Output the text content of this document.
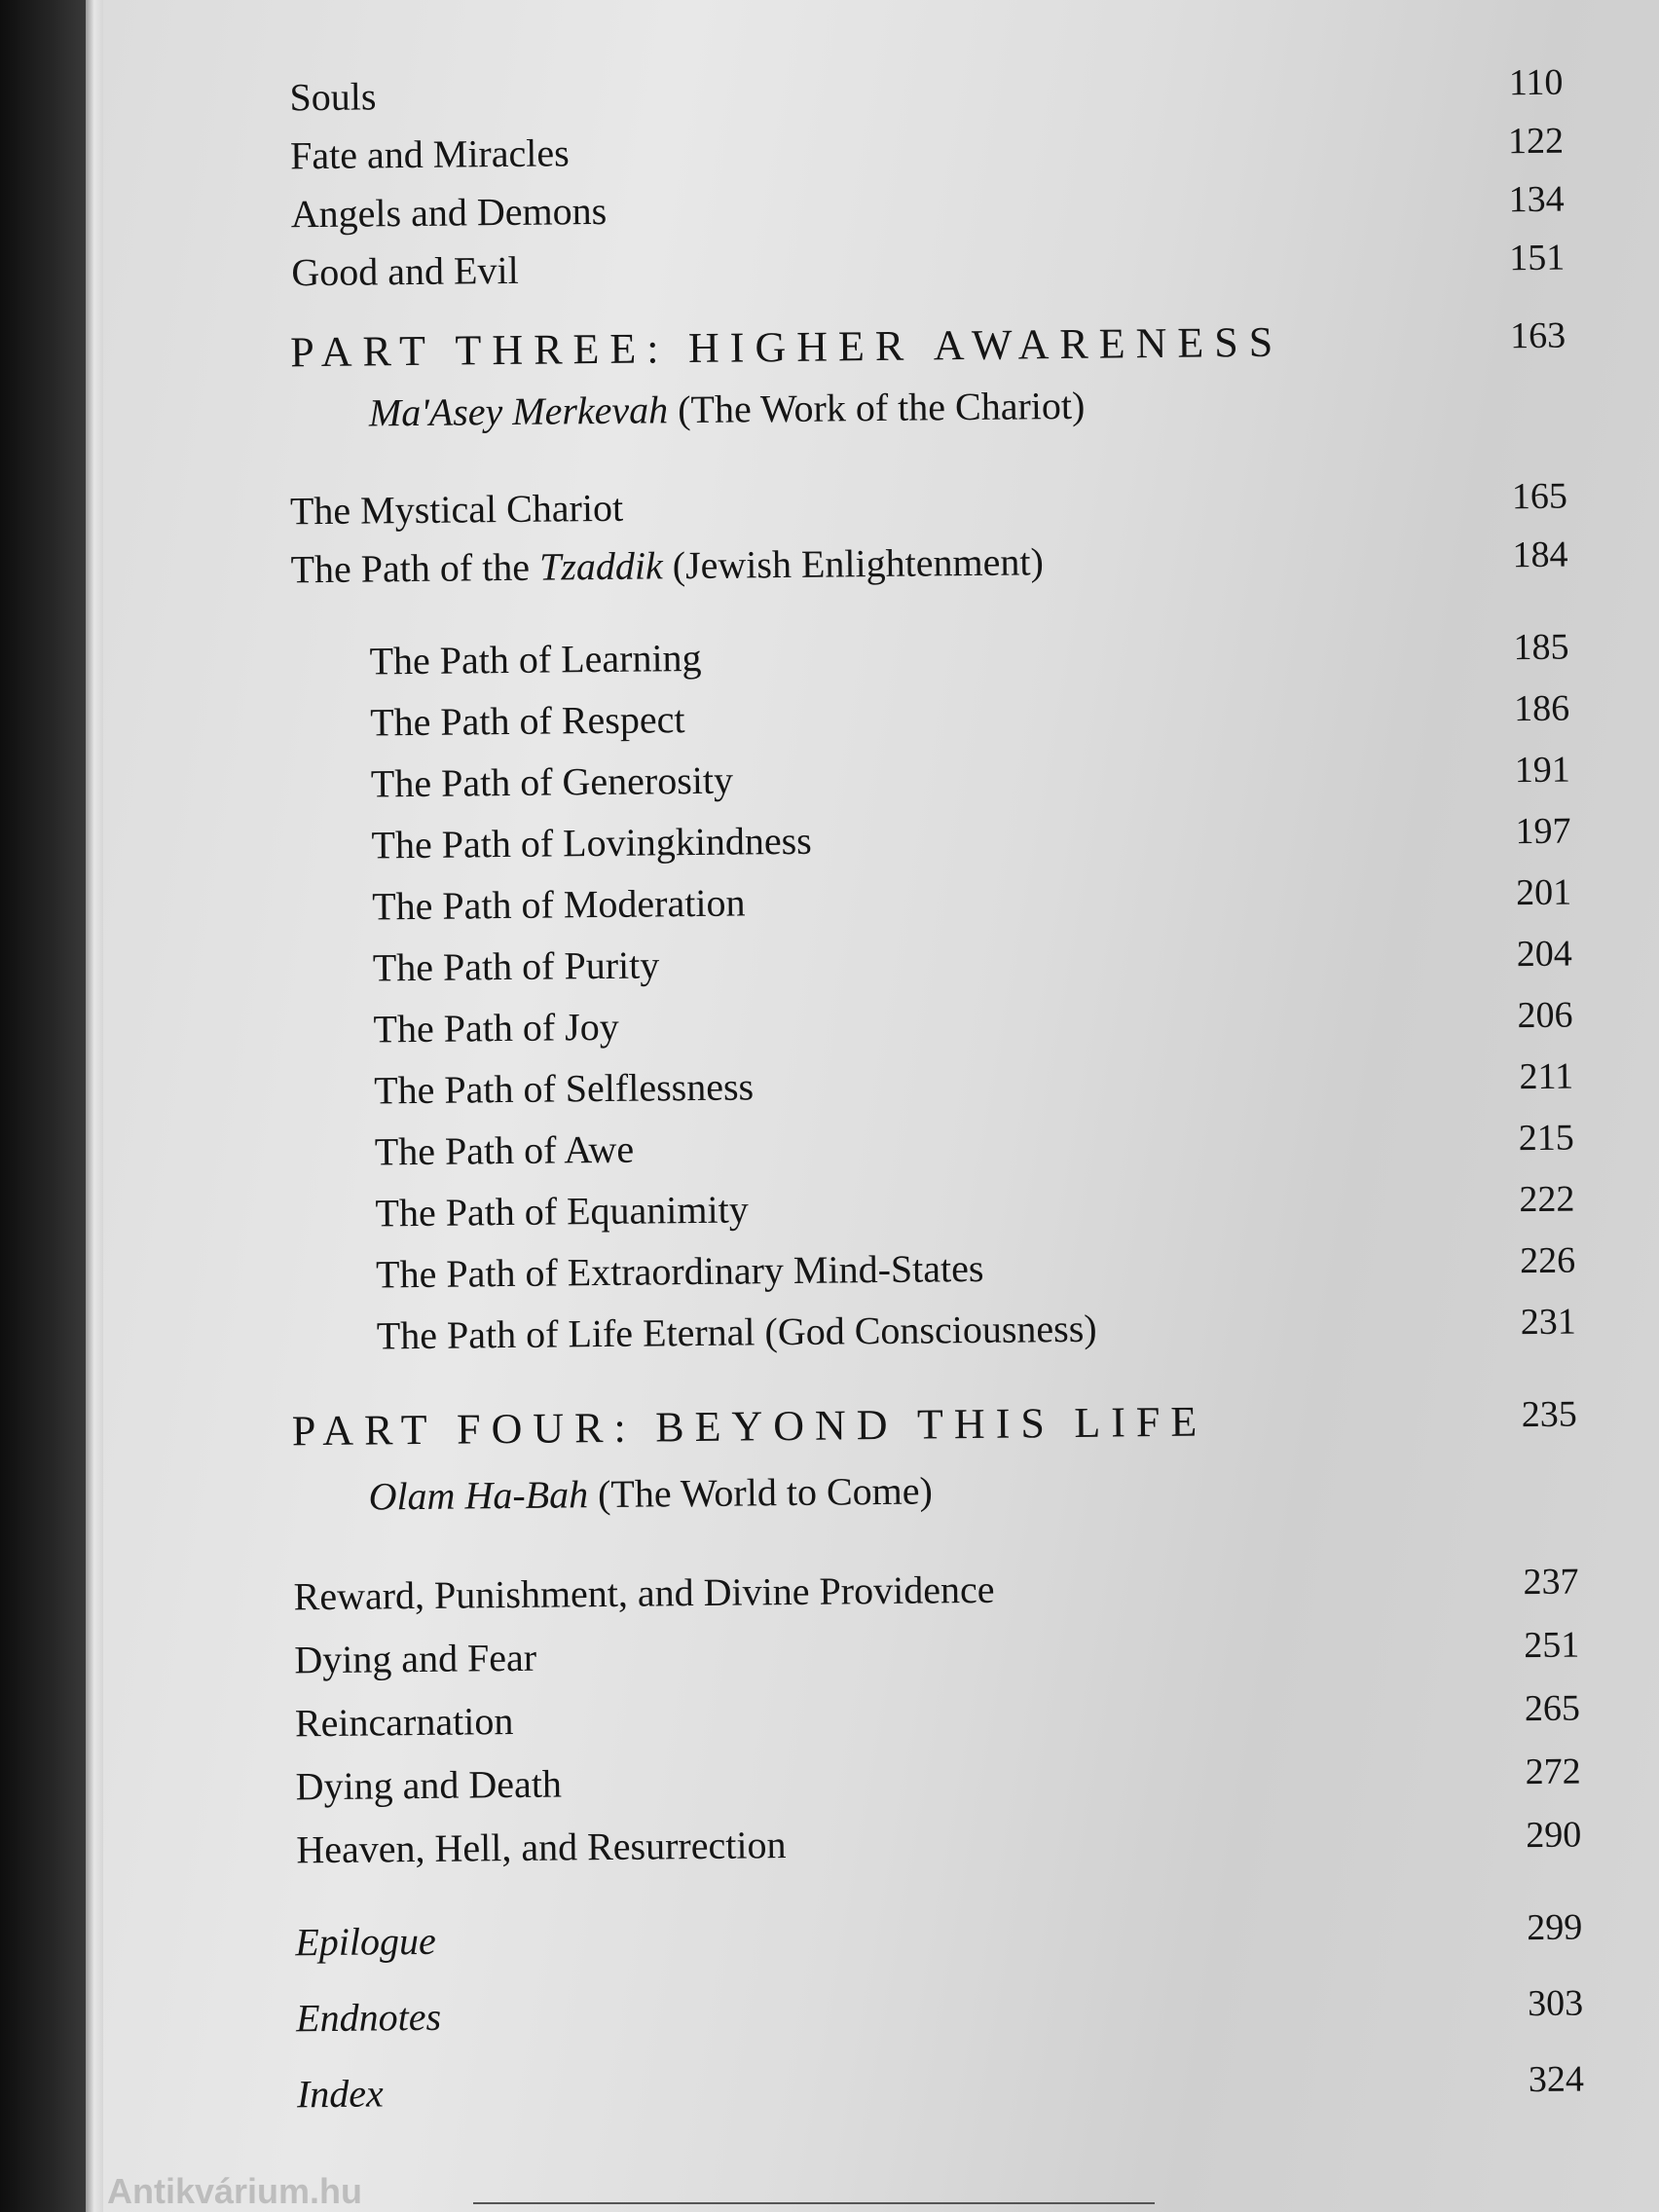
Souls	110
Fate and Miracles	122
Angels and Demons	134
Good and Evil	151
PART THREE: HIGHER AWARENESS	163
Ma'Asey Merkevah (The Work of the Chariot)
The Mystical Chariot	165
The Path of the Tzaddik (Jewish Enlightenment)	184
The Path of Learning	185
The Path of Respect	186
The Path of Generosity	191
The Path of Lovingkindness	197
The Path of Moderation	201
The Path of Purity	204
The Path of Joy	206
The Path of Selflessness	211
The Path of Awe	215
The Path of Equanimity	222
The Path of Extraordinary Mind-States	226
The Path of Life Eternal (God Consciousness)	231
PART FOUR: BEYOND THIS LIFE	235
Olam Ha-Bah (The World to Come)
Reward, Punishment, and Divine Providence	237
Dying and Fear	251
Reincarnation	265
Dying and Death	272
Heaven, Hell, and Resurrection	290
Epilogue	299
Endnotes	303
Index	324
Antikvárium.hu
